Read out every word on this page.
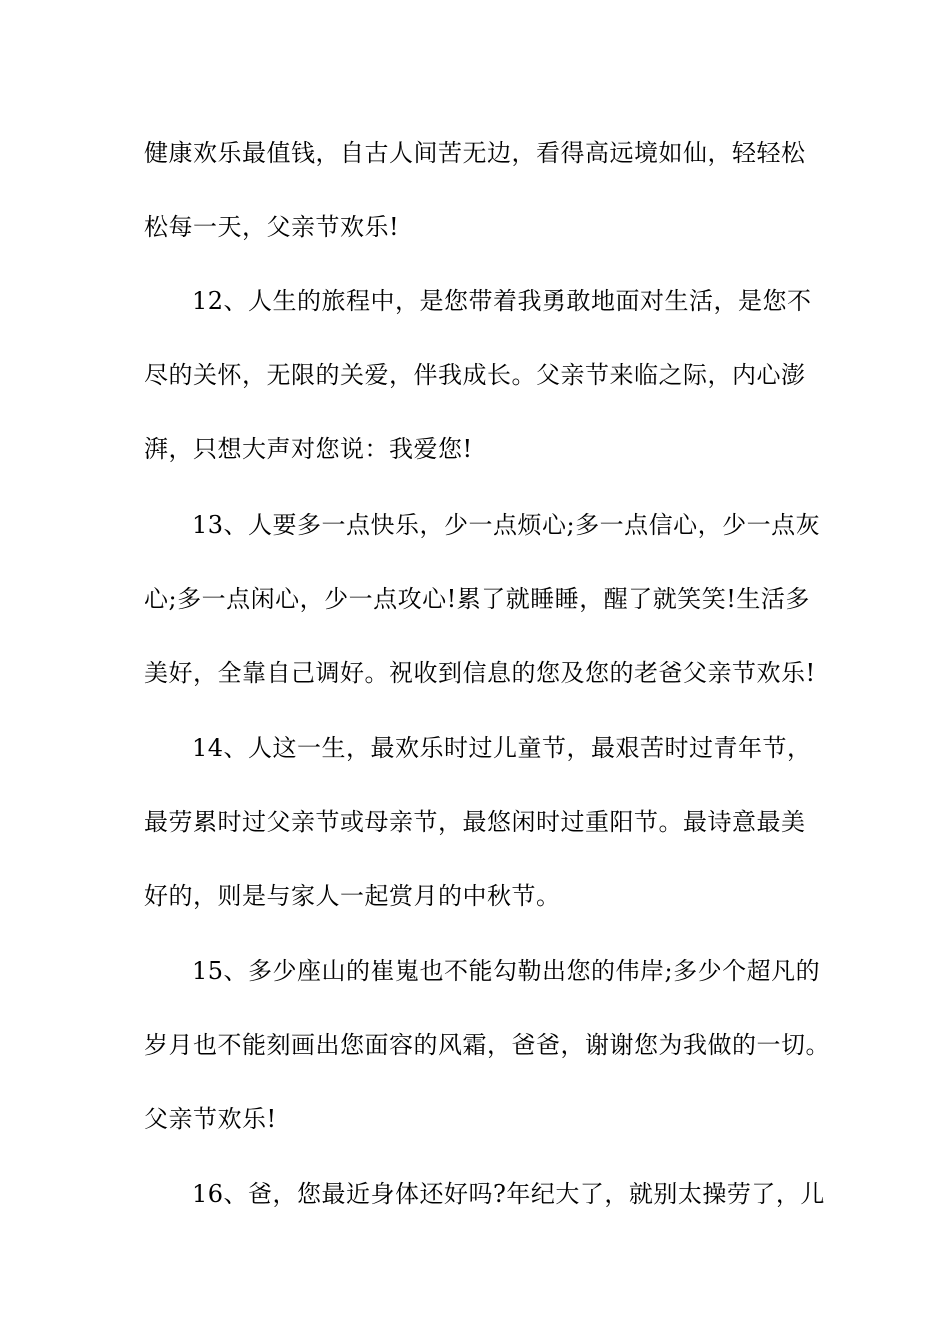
健康欢乐最值钱，自古人间苦无边，看得高远境如仙，轻轻松
松每一天，父亲节欢乐!
12、人生的旅程中，是您带着我勇敢地面对生活，是您不
尽的关怀，无限的关爱，伴我成长。父亲节来临之际，内心澎
湃，只想大声对您说：我爱您!
13、人要多一点快乐，少一点烦心;多一点信心，少一点灰
心;多一点闲心，少一点攻心!累了就睡睡，醒了就笑笑!生活多
美好，全靠自己调好。祝收到信息的您及您的老爸父亲节欢乐!
14、人这一生，最欢乐时过儿童节，最艰苦时过青年节，
最劳累时过父亲节或母亲节，最悠闲时过重阳节。最诗意最美
好的，则是与家人一起赏月的中秋节。
15、多少座山的崔嵬也不能勾勒出您的伟岸;多少个超凡的
岁月也不能刻画出您面容的风霜，爸爸，谢谢您为我做的一切。
父亲节欢乐!
16、爸，您最近身体还好吗?年纪大了，就别太操劳了，儿
